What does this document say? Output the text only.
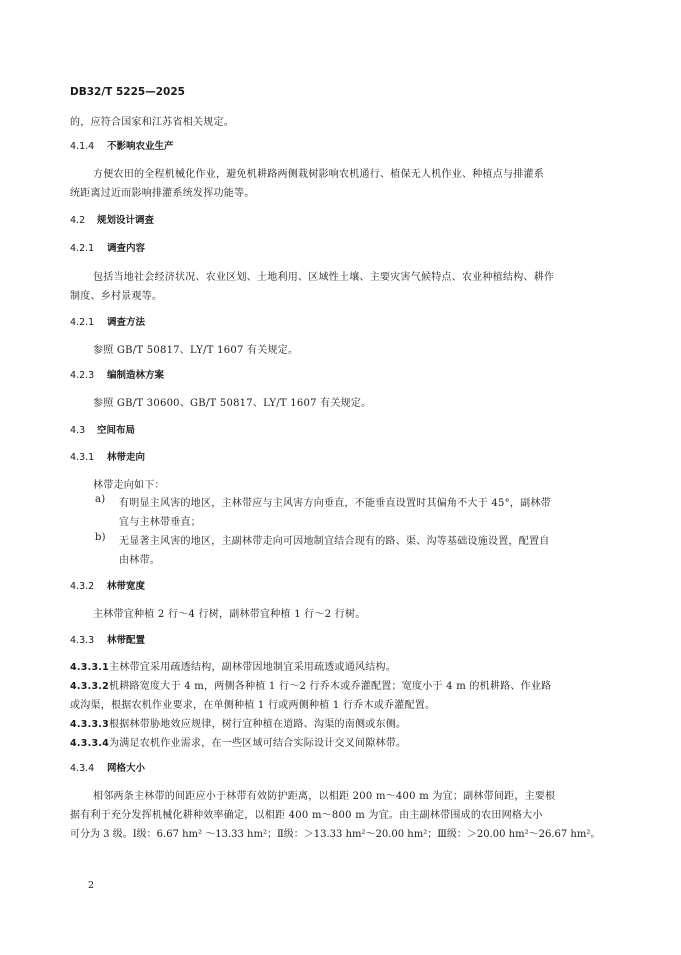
DB32/T 5225—2025
的，应符合国家和江苏省相关规定。
4.1.4 不影响农业生产
方便农田的全程机械化作业，避免机耕路两侧栽树影响农机通行、植保无人机作业、种植点与排灌系
统距离过近而影响排灌系统发挥功能等。
4.2 规划设计调查
4.2.1 调查内容
包括当地社会经济状况、农业区划、土地利用、区域性土壤、主要灾害气候特点、农业种植结构、耕作
制度、乡村景观等。
4.2.1 调查方法
参照 GB/T 50817、LY/T 1607 有关规定。
4.2.3 编制造林方案
参照 GB/T 30600、GB/T 50817、LY/T 1607 有关规定。
4.3 空间布局
4.3.1 林带走向
林带走向如下：
a) 有明显主风害的地区，主林带应与主风害方向垂直，不能垂直设置时其偏角不大于 45°，副林带
宜与主林带垂直；
b) 无显著主风害的地区，主副林带走向可因地制宜结合现有的路、渠、沟等基础设施设置，配置自
由林带。
4.3.2 林带宽度
主林带宜种植 2 行～4 行树，副林带宜种植 1 行～2 行树。
4.3.3 林带配置
4.3.3.1主林带宜采用疏透结构，副林带因地制宜采用疏透或通风结构。
4.3.3.2机耕路宽度大于 4 m，两侧各种植 1 行～2 行乔木或乔灌配置；宽度小于 4 m 的机耕路、作业路
或沟渠，根据农机作业要求，在单侧种植 1 行或两侧种植 1 行乔木或乔灌配置。
4.3.3.3根据林带胁地效应规律，树行宜种植在道路、沟渠的南侧或东侧。
4.3.3.4为满足农机作业需求，在一些区域可结合实际设计交叉间隙林带。
4.3.4 网格大小
相邻两条主林带的间距应小于林带有效防护距离，以相距 200 m～400 m 为宜；副林带间距，主要根
据有利于充分发挥机械化耕种效率确定，以相距 400 m～800 m 为宜。由主副林带围成的农田网格大小
可分为 3 级。Ⅰ级：6.67 hm² ～13.33 hm²；Ⅱ级：＞13.33 hm²～20.00 hm²；Ⅲ级：＞20.00 hm²～26.67 hm²。
2
